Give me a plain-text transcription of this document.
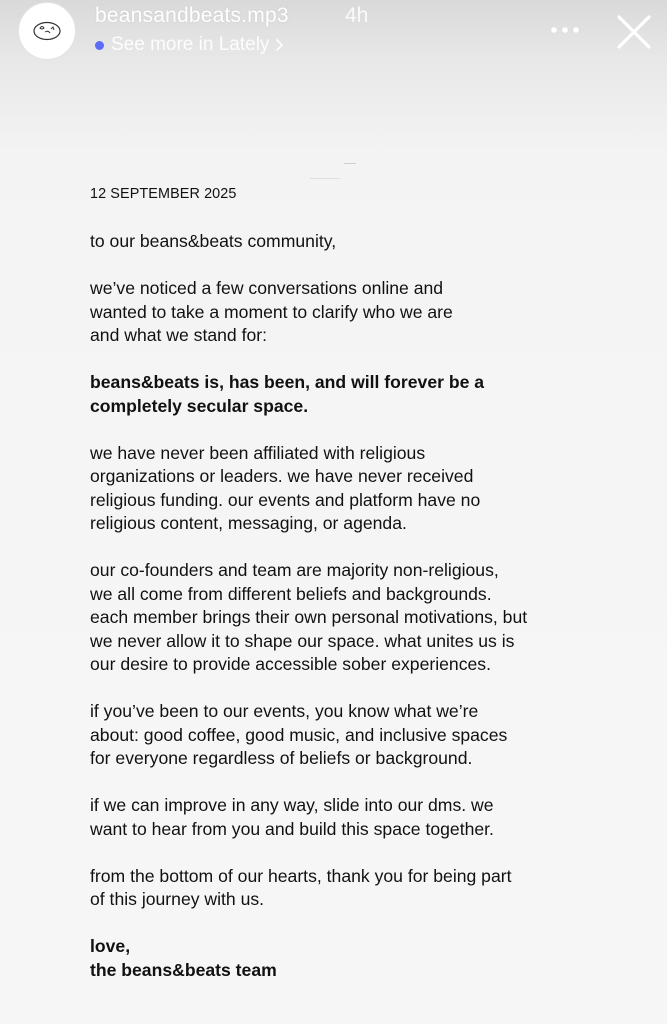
beansandbeats.mp3	4h
See more in Lately
12 SEPTEMBER 2025

to our beans&beats community,

we’ve noticed a few conversations online and
wanted to take a moment to clarify who we are
and what we stand for:

beans&beats is, has been, and will forever be a
completely secular space.

we have never been affiliated with religious
organizations or leaders. we have never received
religious funding. our events and platform have no
religious content, messaging, or agenda.

our co-founders and team are majority non-religious,
we all come from different beliefs and backgrounds.
each member brings their own personal motivations, but
we never allow it to shape our space. what unites us is
our desire to provide accessible sober experiences.

if you’ve been to our events, you know what we’re
about: good coffee, good music, and inclusive spaces
for everyone regardless of beliefs or background.

if we can improve in any way, slide into our dms. we
want to hear from you and build this space together.

from the bottom of our hearts, thank you for being part
of this journey with us.

love,
the beans&beats team
